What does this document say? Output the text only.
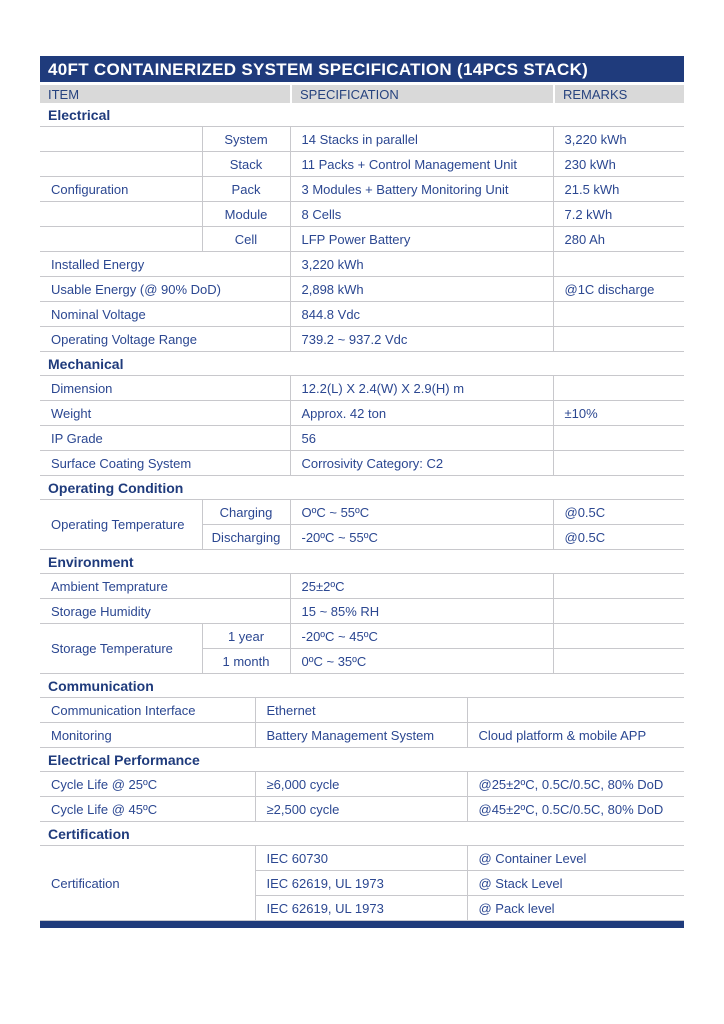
40FT CONTAINERIZED SYSTEM SPECIFICATION (14PCS STACK)
ITEM	SPECIFICATION	REMARKS
Electrical
	System	14 Stacks in parallel	3,220 kWh
	Stack	11 Packs + Control Management Unit	230 kWh
Configuration	Pack	3 Modules + Battery Monitoring Unit	21.5 kWh
	Module	8 Cells	7.2 kWh
	Cell	LFP Power Battery	280 Ah
Installed Energy		3,220 kWh	
Usable Energy (@ 90% DoD)		2,898 kWh	@1C discharge
Nominal Voltage		844.8 Vdc	
Operating Voltage Range		739.2 ~ 937.2 Vdc	
Mechanical
Dimension	12.2(L) X 2.4(W) X 2.9(H) m	
Weight	Approx. 42 ton	±10%
IP Grade	56	
Surface Coating System	Corrosivity Category: C2	
Operating Condition
Operating Temperature	Charging	OºC ~ 55ºC	@0.5C
	Discharging	-20ºC ~ 55ºC	@0.5C
Environment
Ambient Temprature		25±2ºC	
Storage Humidity		15 ~ 85% RH	
Storage Temperature	1 year	-20ºC ~ 45ºC	
	1 month	0ºC ~ 35ºC	
Communication
Communication Interface	Ethernet	
Monitoring	Battery Management System	Cloud platform & mobile APP
Electrical Performance
Cycle Life @ 25ºC	≥6,000 cycle	@25±2ºC, 0.5C/0.5C, 80% DoD
Cycle Life @ 45ºC	≥2,500 cycle	@45±2ºC, 0.5C/0.5C, 80% DoD
Certification
Certification	IEC 60730	@ Container Level
	IEC 62619, UL 1973	@ Stack Level
	IEC 62619, UL 1973	@ Pack level
